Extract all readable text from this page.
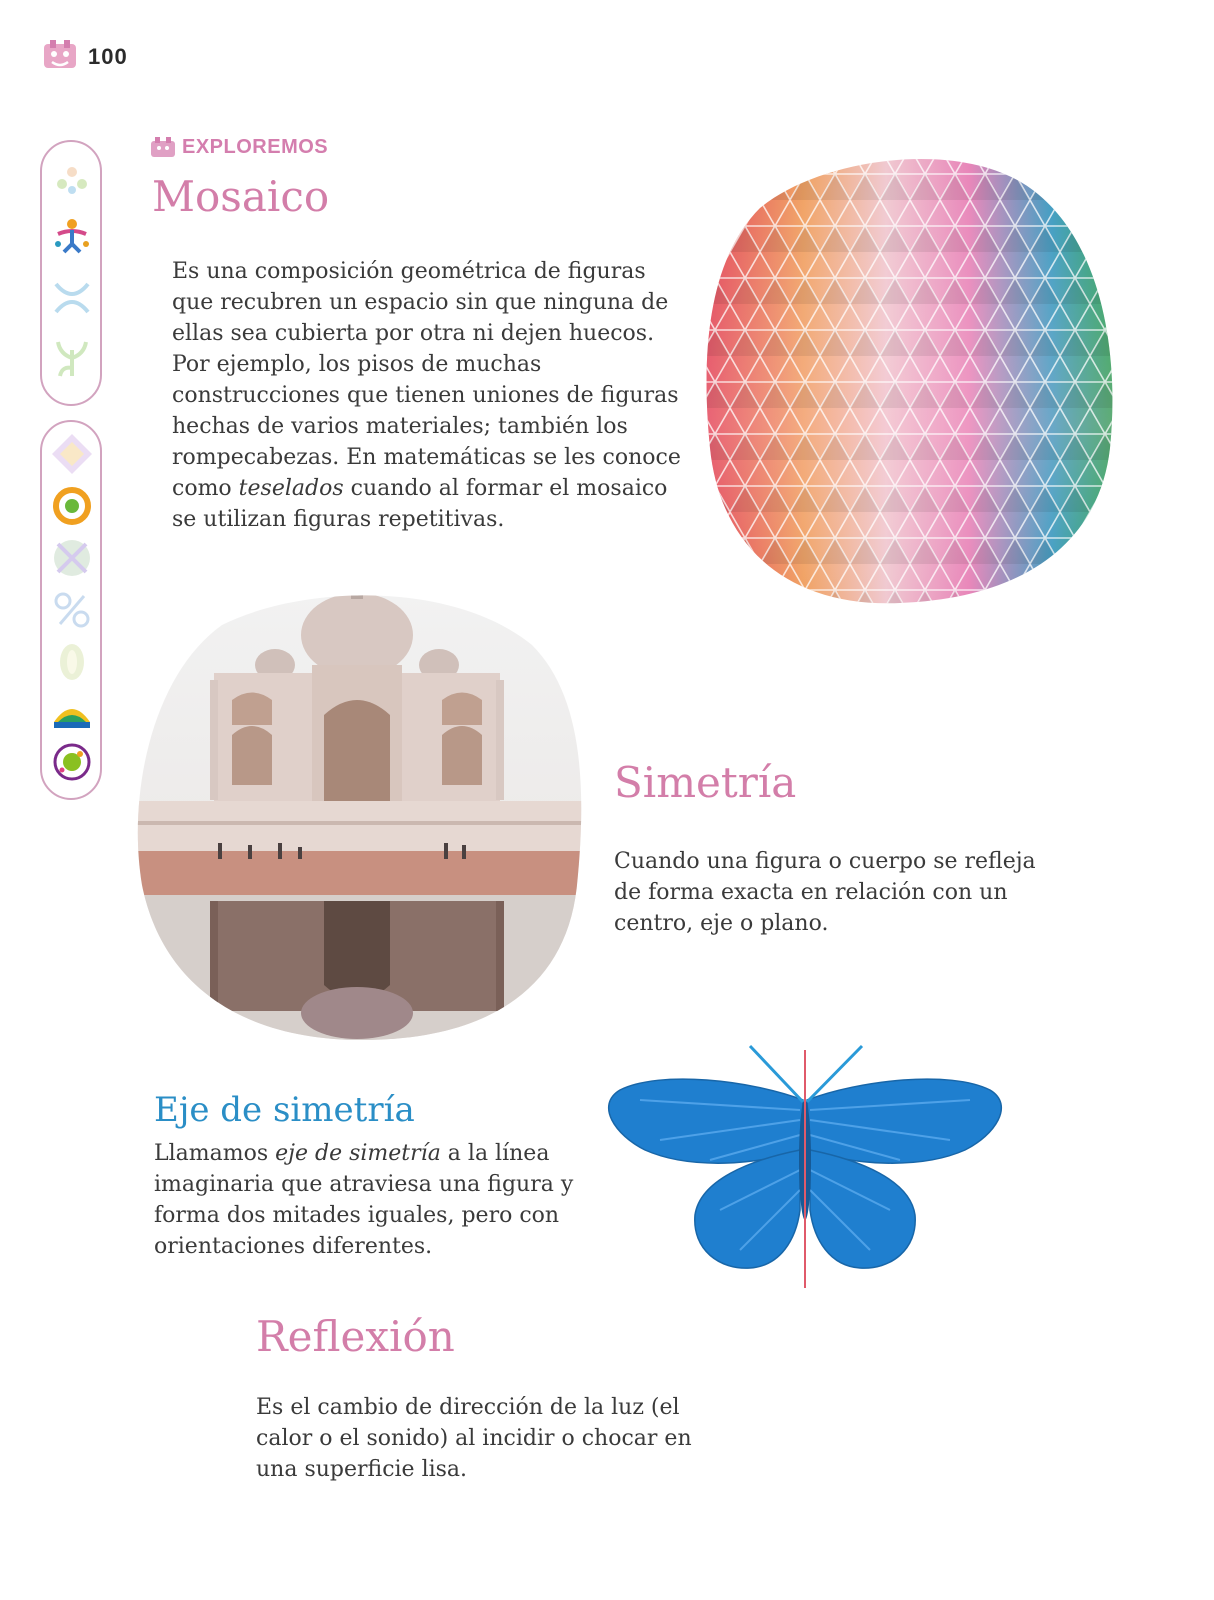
100
EXPLOREMOS
Mosaico

Es una composición geométrica de figuras que recubren un espacio sin que ninguna de ellas sea cubierta por otra ni dejen huecos. Por ejemplo, los pisos de muchas construcciones que tienen uniones de figuras hechas de varios materiales; también los rompecabezas. En matemáticas se les conoce como teselados cuando al formar el mosaico se utilizan figuras repetitivas.

Simetría

Cuando una figura o cuerpo se refleja de forma exacta en relación con un centro, eje o plano.

Eje de simetría

Llamamos eje de simetría a la línea imaginaria que atraviesa una figura y forma dos mitades iguales, pero con orientaciones diferentes.

Reflexión

Es el cambio de dirección de la luz (el calor o el sonido) al incidir o chocar en una superficie lisa.
